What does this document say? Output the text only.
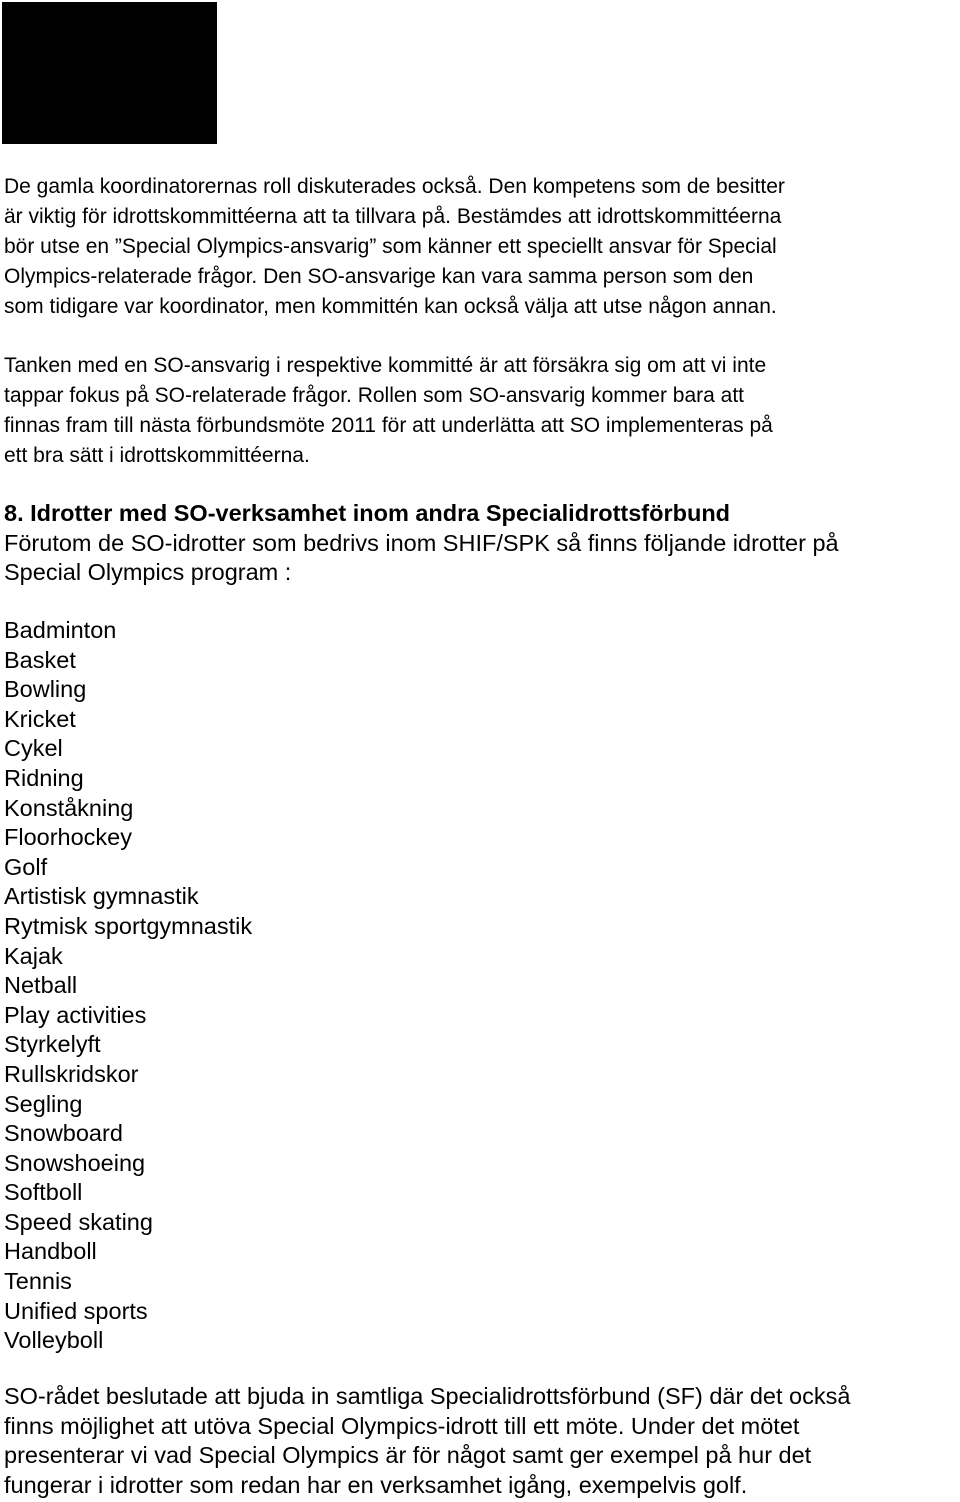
De gamla koordinatorernas roll diskuterades också. Den kompetens som de besitter
är viktig för idrottskommittéerna att ta tillvara på. Bestämdes att idrottskommittéerna
bör utse en ”Special Olympics-ansvarig” som känner ett speciellt ansvar för Special
Olympics-relaterade frågor. Den SO-ansvarige kan vara samma person som den
som tidigare var koordinator, men kommittén kan också välja att utse någon annan.

Tanken med en SO-ansvarig i respektive kommitté är att försäkra sig om att vi inte
tappar fokus på SO-relaterade frågor. Rollen som SO-ansvarig kommer bara att
finnas fram till nästa förbundsmöte 2011 för att underlätta att SO implementeras på
ett bra sätt i idrottskommittéerna.

8. Idrotter med SO-verksamhet inom andra Specialidrottsförbund
Förutom de SO-idrotter som bedrivs inom SHIF/SPK så finns följande idrotter på
Special Olympics program :

Badminton
Basket
Bowling
Kricket
Cykel
Ridning
Konståkning
Floorhockey
Golf
Artistisk gymnastik
Rytmisk sportgymnastik
Kajak
Netball
Play activities
Styrkelyft
Rullskridskor
Segling
Snowboard
Snowshoeing
Softboll
Speed skating
Handboll
Tennis
Unified sports
Volleyboll

SO-rådet beslutade att bjuda in samtliga Specialidrottsförbund (SF) där det också
finns möjlighet att utöva Special Olympics-idrott till ett möte. Under det mötet
presenterar vi vad Special Olympics är för något samt ger exempel på hur det
fungerar i idrotter som redan har en verksamhet igång, exempelvis golf.
